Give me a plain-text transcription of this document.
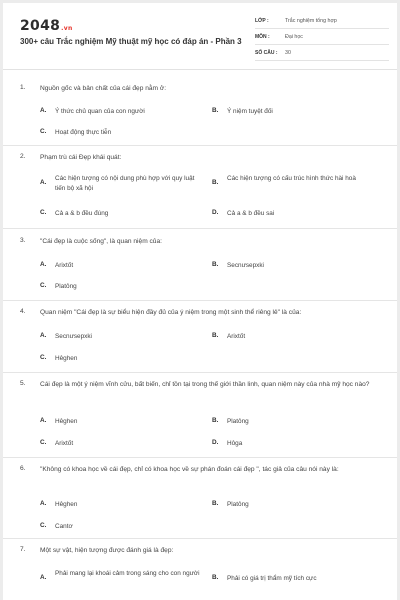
2048.vn
300+ câu Trắc nghiệm Mỹ thuật mỹ học có đáp án - Phần 3
LỚP :	Trắc nghiệm tổng hợp
MÔN :	Đại học
SỐ CÂU : 30
1. Nguồn gốc và bản chất của cái đẹp nằm ở:
A. Ý thức chủ quan của con người	B. Ý niệm tuyệt đối
C. Hoạt động thực tiễn
2. Phạm trù cái Đẹp khái quát:
A.
Các hiện tượng có nội dung phù hợp với quy luật tiến bộ xã hội
B.
Các hiện tượng có cấu trúc hình thức hài hoà
C. Cả a & b đều đúng	D. Cả a & b đều sai
3. "Cái đẹp là cuộc sống", là quan niệm của:
A. Arixtốt	B. Secnưsepxki
C. Platông
4. Quan niệm "Cái đẹp là sự biểu hiện đầy đủ của ý niệm trong một sinh thể riêng lẻ" là của:
A. Secnưsepxki	B. Arixtốt
C. Hêghen
5. Cái đẹp là một ý niệm vĩnh cửu, bất biến, chỉ tồn tại trong thế giới thần linh, quan niệm này của nhà mỹ học nào?
A. Hêghen	B. Platông
C. Arixtốt	D. Hôga
6. "Không có khoa học về cái đẹp, chỉ có khoa học về sự phán đoán cái đẹp ", tác giả của câu nói này là:
A. Hêghen	B. Platông
C. Cantơ
7. Một sự vật, hiện tượng được đánh giá là đẹp:
A.
Phải mang lại khoái cảm trong sáng cho con người
B. Phải có giá trị thẩm mỹ tích cực
